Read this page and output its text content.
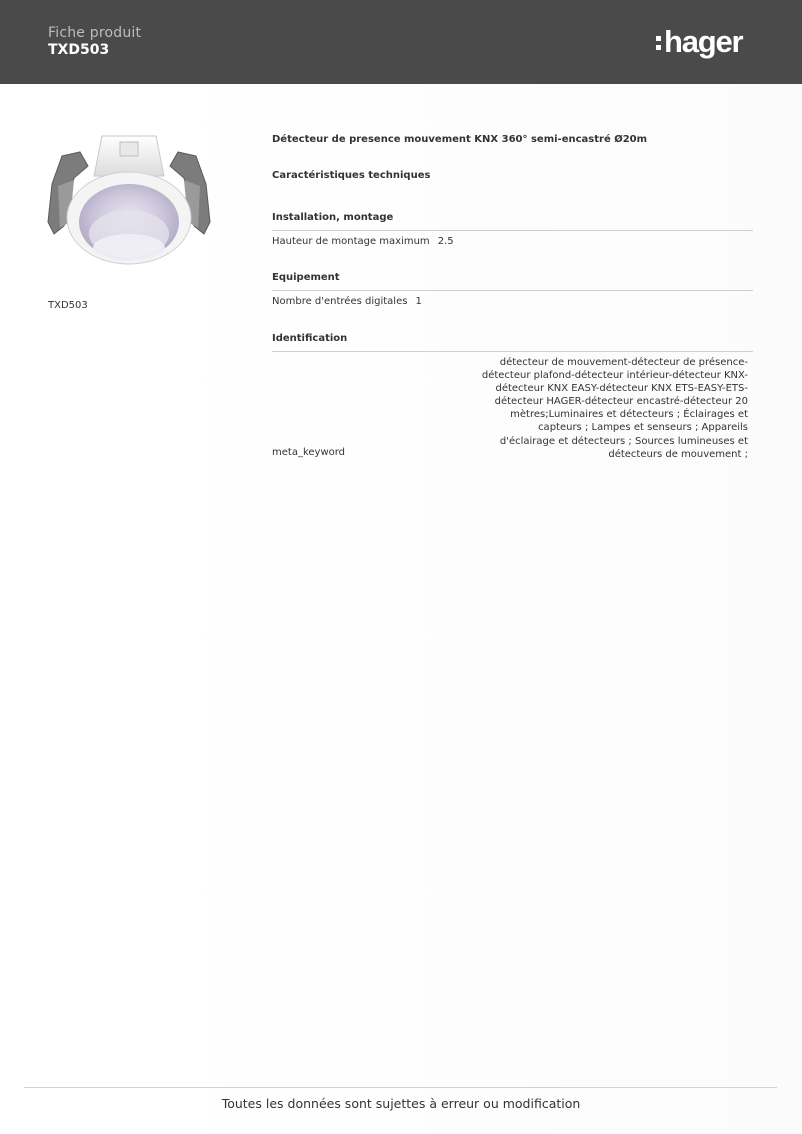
Fiche produit
TXD503	hager
TXD503
Détecteur de presence mouvement KNX 360° semi-encastré Ø20m
Caractéristiques techniques
Installation, montage
Hauteur de montage maximum 2.5
Equipement
Nombre d'entrées digitales 1
Identification
meta_keyword
détecteur de mouvement-détecteur de présence-
détecteur plafond-détecteur intérieur-détecteur KNX-
détecteur KNX EASY-détecteur KNX ETS-EASY-ETS-
détecteur HAGER-détecteur encastré-détecteur 20
mètres;Luminaires et détecteurs ; Éclairages et
capteurs ; Lampes et senseurs ; Appareils
d'éclairage et détecteurs ; Sources lumineuses et
détecteurs de mouvement ;
Toutes les données sont sujettes à erreur ou modification
